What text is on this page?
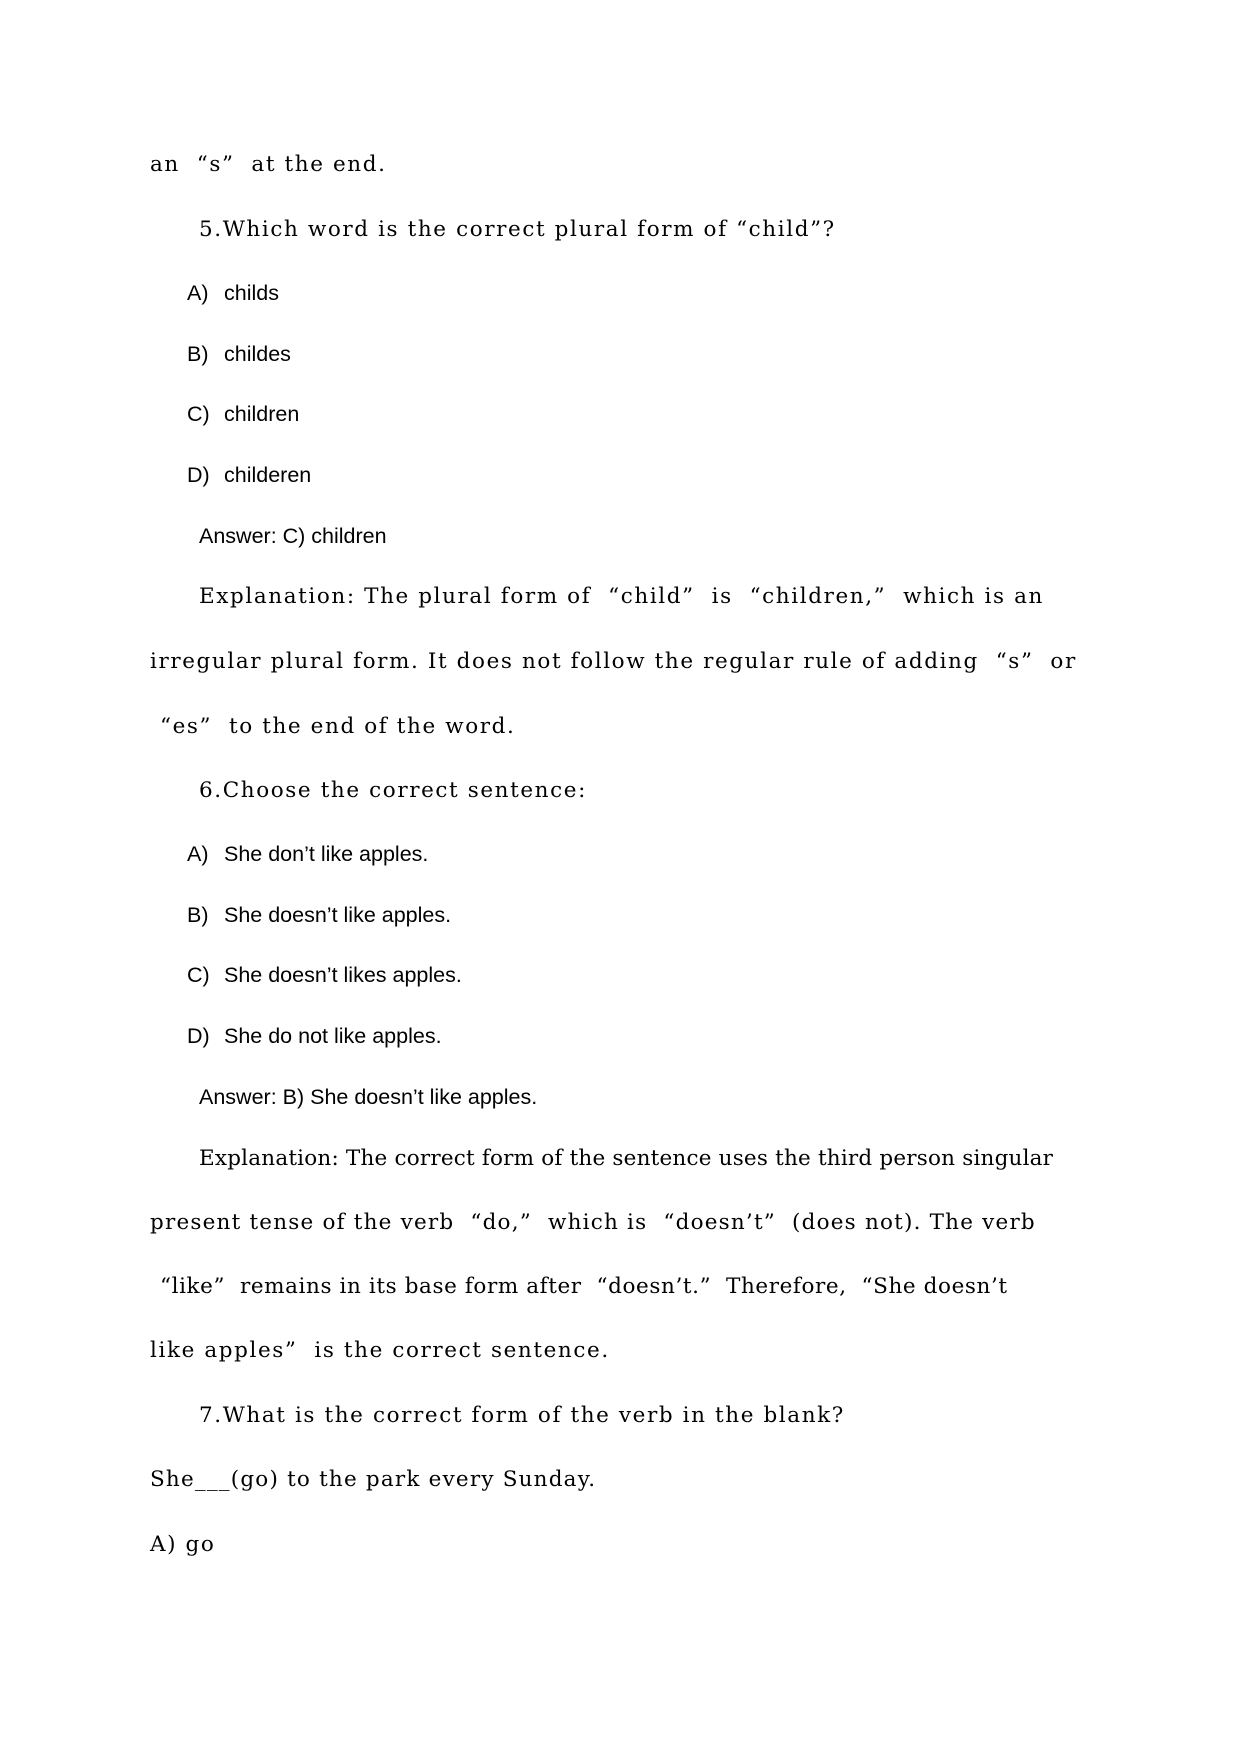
an  “s”  at the end.
5.Which word is the correct plural form of “child”?
A) childs
B) childes
C) children
D) childeren
Answer: C) children
Explanation: The plural form of  “child”  is  “children,”  which is an
irregular plural form. It does not follow the regular rule of adding  “s”  or
“es”  to the end of the word.
6.Choose the correct sentence:
A) She don’t like apples.
B) She doesn’t like apples.
C) She doesn’t likes apples.
D) She do not like apples.
Answer: B) She doesn’t like apples.
Explanation: The correct form of the sentence uses the third person singular
present tense of the verb  “do,”  which is  “doesn’t”  (does not). The verb
“like”  remains in its base form after  “doesn’t.”  Therefore,  “She doesn’t
like apples”  is the correct sentence.
7.What is the correct form of the verb in the blank?
She___(go) to the park every Sunday.
A) go
